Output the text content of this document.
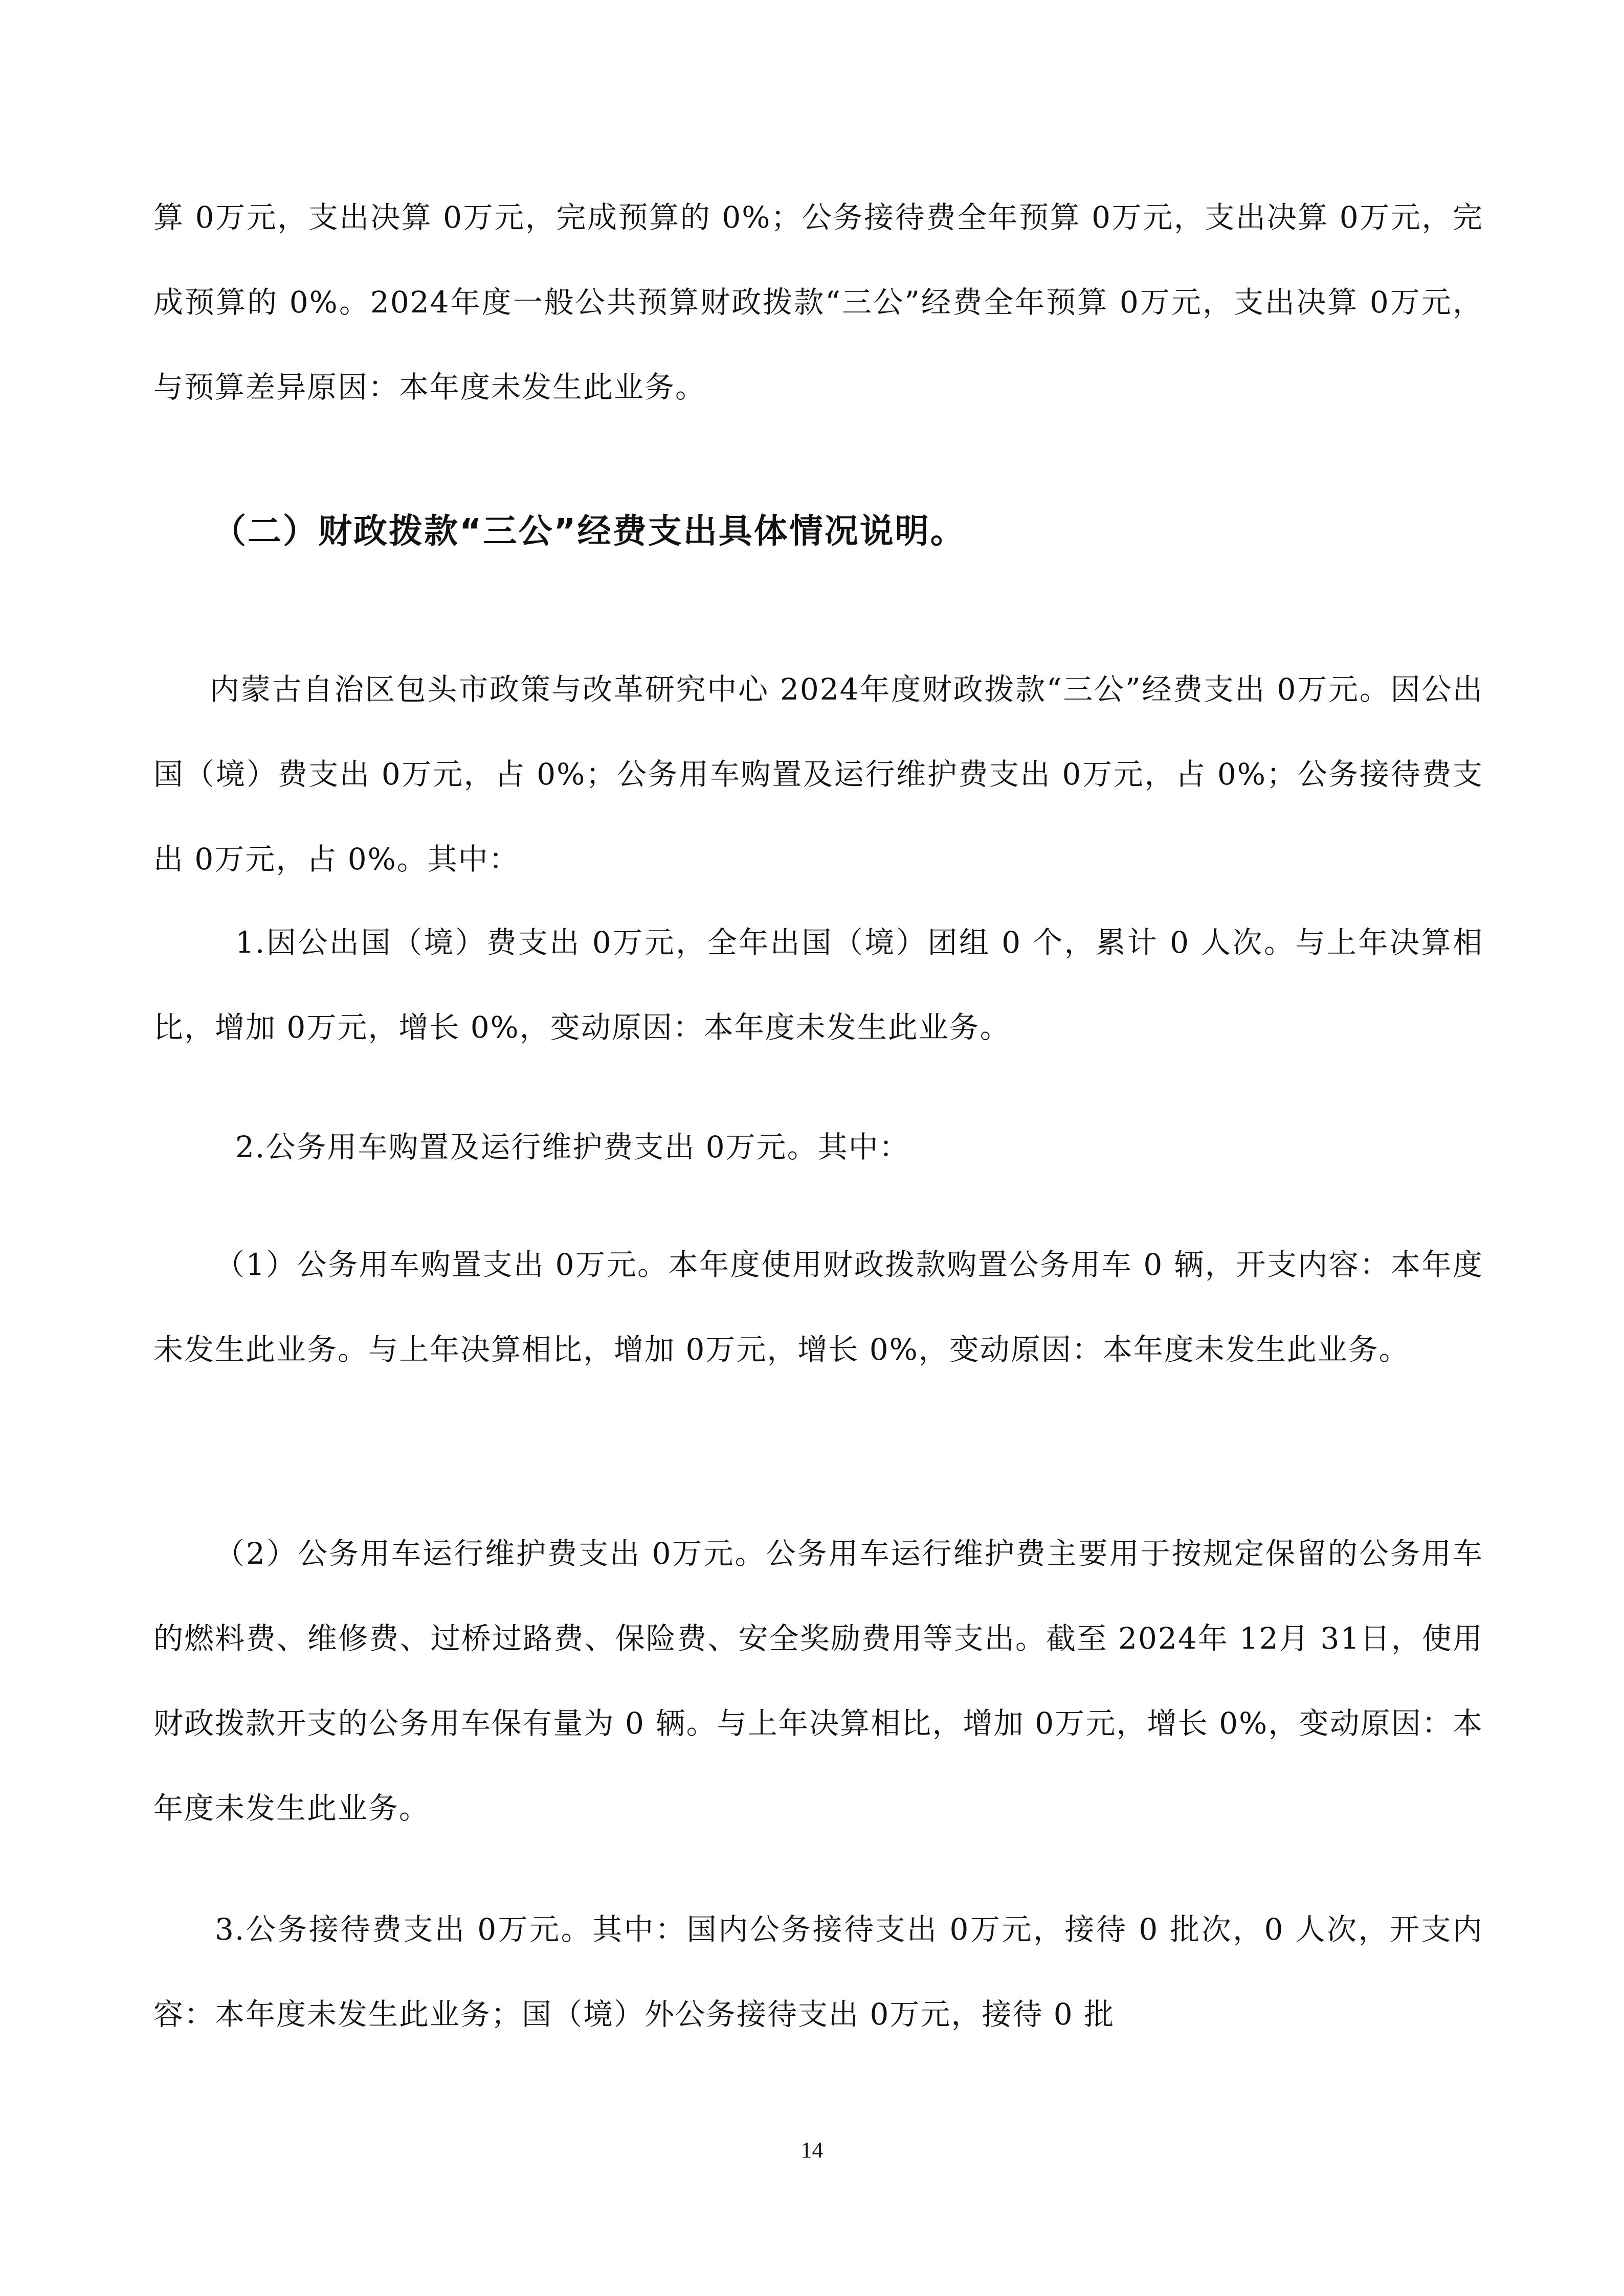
算 0万元，支出决算 0万元，完成预算的 0%；公务接待费全年预算 0万元，支出决算 0万元，完成预算的 0%。2024年度一般公共预算财政拨款“三公”经费全年预算 0万元，支出决算 0万元，与预算差异原因：本年度未发生此业务。

（二）财政拨款“三公”经费支出具体情况说明。

内蒙古自治区包头市政策与改革研究中心 2024年度财政拨款“三公”经费支出 0万元。因公出国（境）费支出 0万元，占 0%；公务用车购置及运行维护费支出 0万元，占 0%；公务接待费支出 0万元，占 0%。其中：

1.因公出国（境）费支出 0万元，全年出国（境）团组 0 个，累计 0 人次。与上年决算相比，增加 0万元，增长 0%，变动原因：本年度未发生此业务。

2.公务用车购置及运行维护费支出 0万元。其中：

（1）公务用车购置支出 0万元。本年度使用财政拨款购置公务用车 0 辆，开支内容：本年度未发生此业务。与上年决算相比，增加 0万元，增长 0%，变动原因：本年度未发生此业务。

（2）公务用车运行维护费支出 0万元。公务用车运行维护费主要用于按规定保留的公务用车的燃料费、维修费、过桥过路费、保险费、安全奖励费用等支出。截至 2024年 12月 31日，使用财政拨款开支的公务用车保有量为 0 辆。与上年决算相比，增加 0万元，增长 0%，变动原因：本年度未发生此业务。

3.公务接待费支出 0万元。其中：国内公务接待支出 0万元，接待 0 批次，0 人次，开支内容：本年度未发生此业务；国（境）外公务接待支出 0万元，接待 0 批

14
